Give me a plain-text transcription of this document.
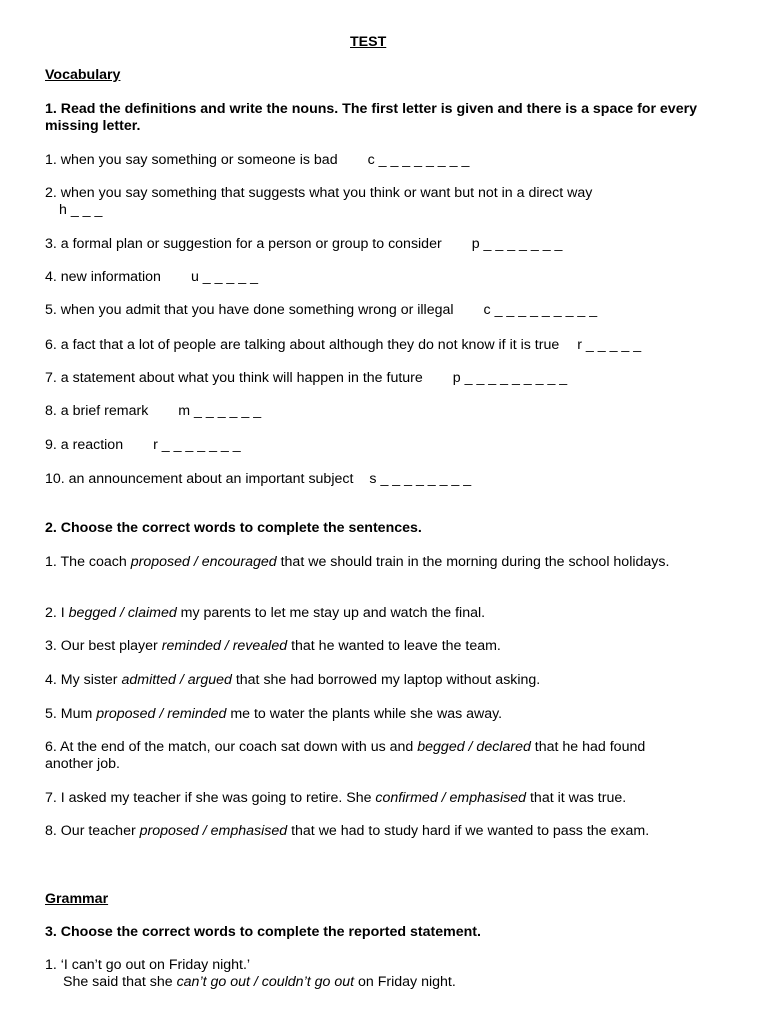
TEST
Vocabulary
1. Read the definitions and write the nouns. The first letter is given and there is a space for every missing letter.
1. when you say something or someone is bad c _ _ _ _ _ _ _ _
2. when you say something that suggests what you think or want but not in a direct way
h _ _ _
3. a formal plan or suggestion for a person or group to consider p _ _ _ _ _ _ _
4. new information u _ _ _ _ _
5. when you admit that you have done something wrong or illegal c _ _ _ _ _ _ _ _ _
6. a fact that a lot of people are talking about although they do not know if it is true r _ _ _ _ _
7. a statement about what you think will happen in the future p _ _ _ _ _ _ _ _ _
8. a brief remark m _ _ _ _ _ _
9. a reaction r _ _ _ _ _ _ _
10. an announcement about an important subject s _ _ _ _ _ _ _ _
2. Choose the correct words to complete the sentences.
1. The coach proposed / encouraged that we should train in the morning during the school holidays.
2. I begged / claimed my parents to let me stay up and watch the final.
3. Our best player reminded / revealed that he wanted to leave the team.
4. My sister admitted / argued that she had borrowed my laptop without asking.
5. Mum proposed / reminded me to water the plants while she was away.
6. At the end of the match, our coach sat down with us and begged / declared that he had found another job.
7. I asked my teacher if she was going to retire. She confirmed / emphasised that it was true.
8. Our teacher proposed / emphasised that we had to study hard if we wanted to pass the exam.
Grammar
3. Choose the correct words to complete the reported statement.
1. ‘I can’t go out on Friday night.’
She said that she can’t go out / couldn’t go out on Friday night.
